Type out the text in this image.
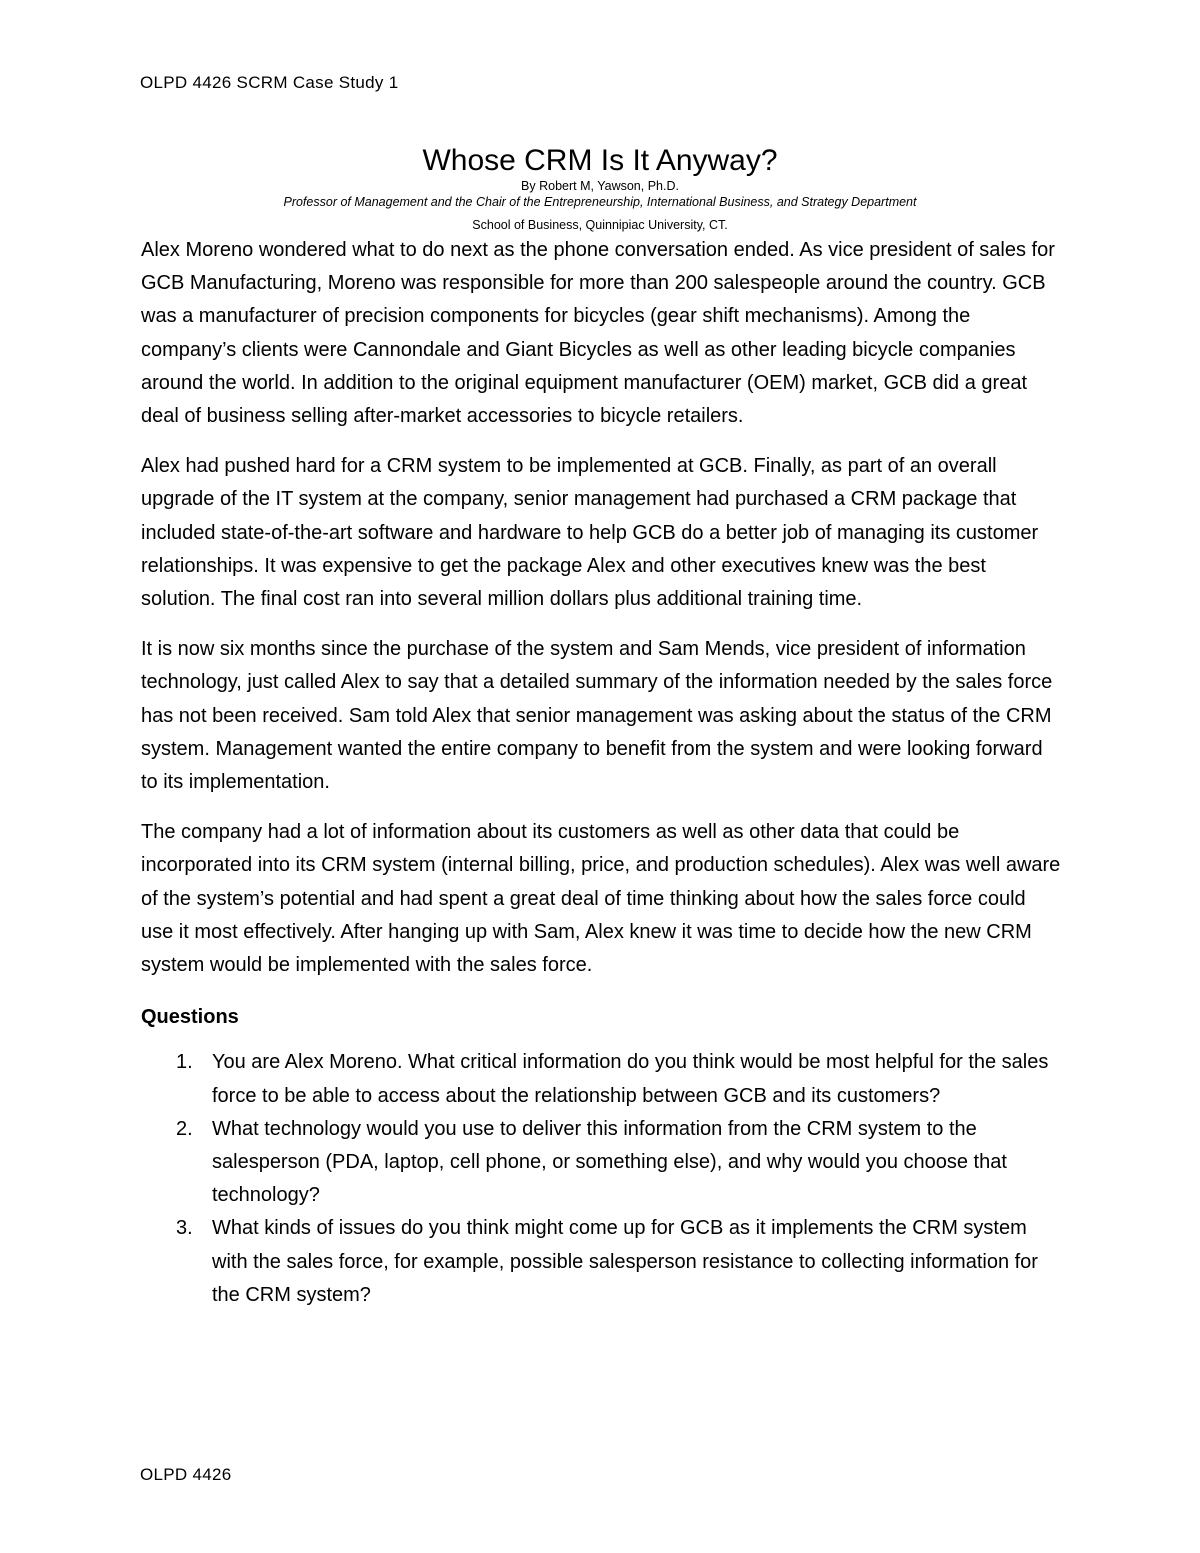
OLPD 4426 SCRM Case Study 1
Whose CRM Is It Anyway?
By Robert M, Yawson, Ph.D.
Professor of Management and the Chair of the Entrepreneurship, International Business, and Strategy Department
School of Business, Quinnipiac University, CT.

Alex Moreno wondered what to do next as the phone conversation ended. As vice president of sales for GCB Manufacturing, Moreno was responsible for more than 200 salespeople around the country. GCB was a manufacturer of precision components for bicycles (gear shift mechanisms). Among the company’s clients were Cannondale and Giant Bicycles as well as other leading bicycle companies around the world. In addition to the original equipment manufacturer (OEM) market, GCB did a great deal of business selling after-market accessories to bicycle retailers.

Alex had pushed hard for a CRM system to be implemented at GCB. Finally, as part of an overall upgrade of the IT system at the company, senior management had purchased a CRM package that included state-of-the-art software and hardware to help GCB do a better job of managing its customer relationships. It was expensive to get the package Alex and other executives knew was the best solution. The final cost ran into several million dollars plus additional training time.

It is now six months since the purchase of the system and Sam Mends, vice president of information technology, just called Alex to say that a detailed summary of the information needed by the sales force has not been received. Sam told Alex that senior management was asking about the status of the CRM system. Management wanted the entire company to benefit from the system and were looking forward to its implementation.

The company had a lot of information about its customers as well as other data that could be incorporated into its CRM system (internal billing, price, and production schedules). Alex was well aware of the system’s potential and had spent a great deal of time thinking about how the sales force could use it most effectively. After hanging up with Sam, Alex knew it was time to decide how the new CRM system would be implemented with the sales force.

Questions
1. You are Alex Moreno. What critical information do you think would be most helpful for the sales force to be able to access about the relationship between GCB and its customers?
2. What technology would you use to deliver this information from the CRM system to the salesperson (PDA, laptop, cell phone, or something else), and why would you choose that technology?
3. What kinds of issues do you think might come up for GCB as it implements the CRM system with the sales force, for example, possible salesperson resistance to collecting information for the CRM system?
OLPD 4426
